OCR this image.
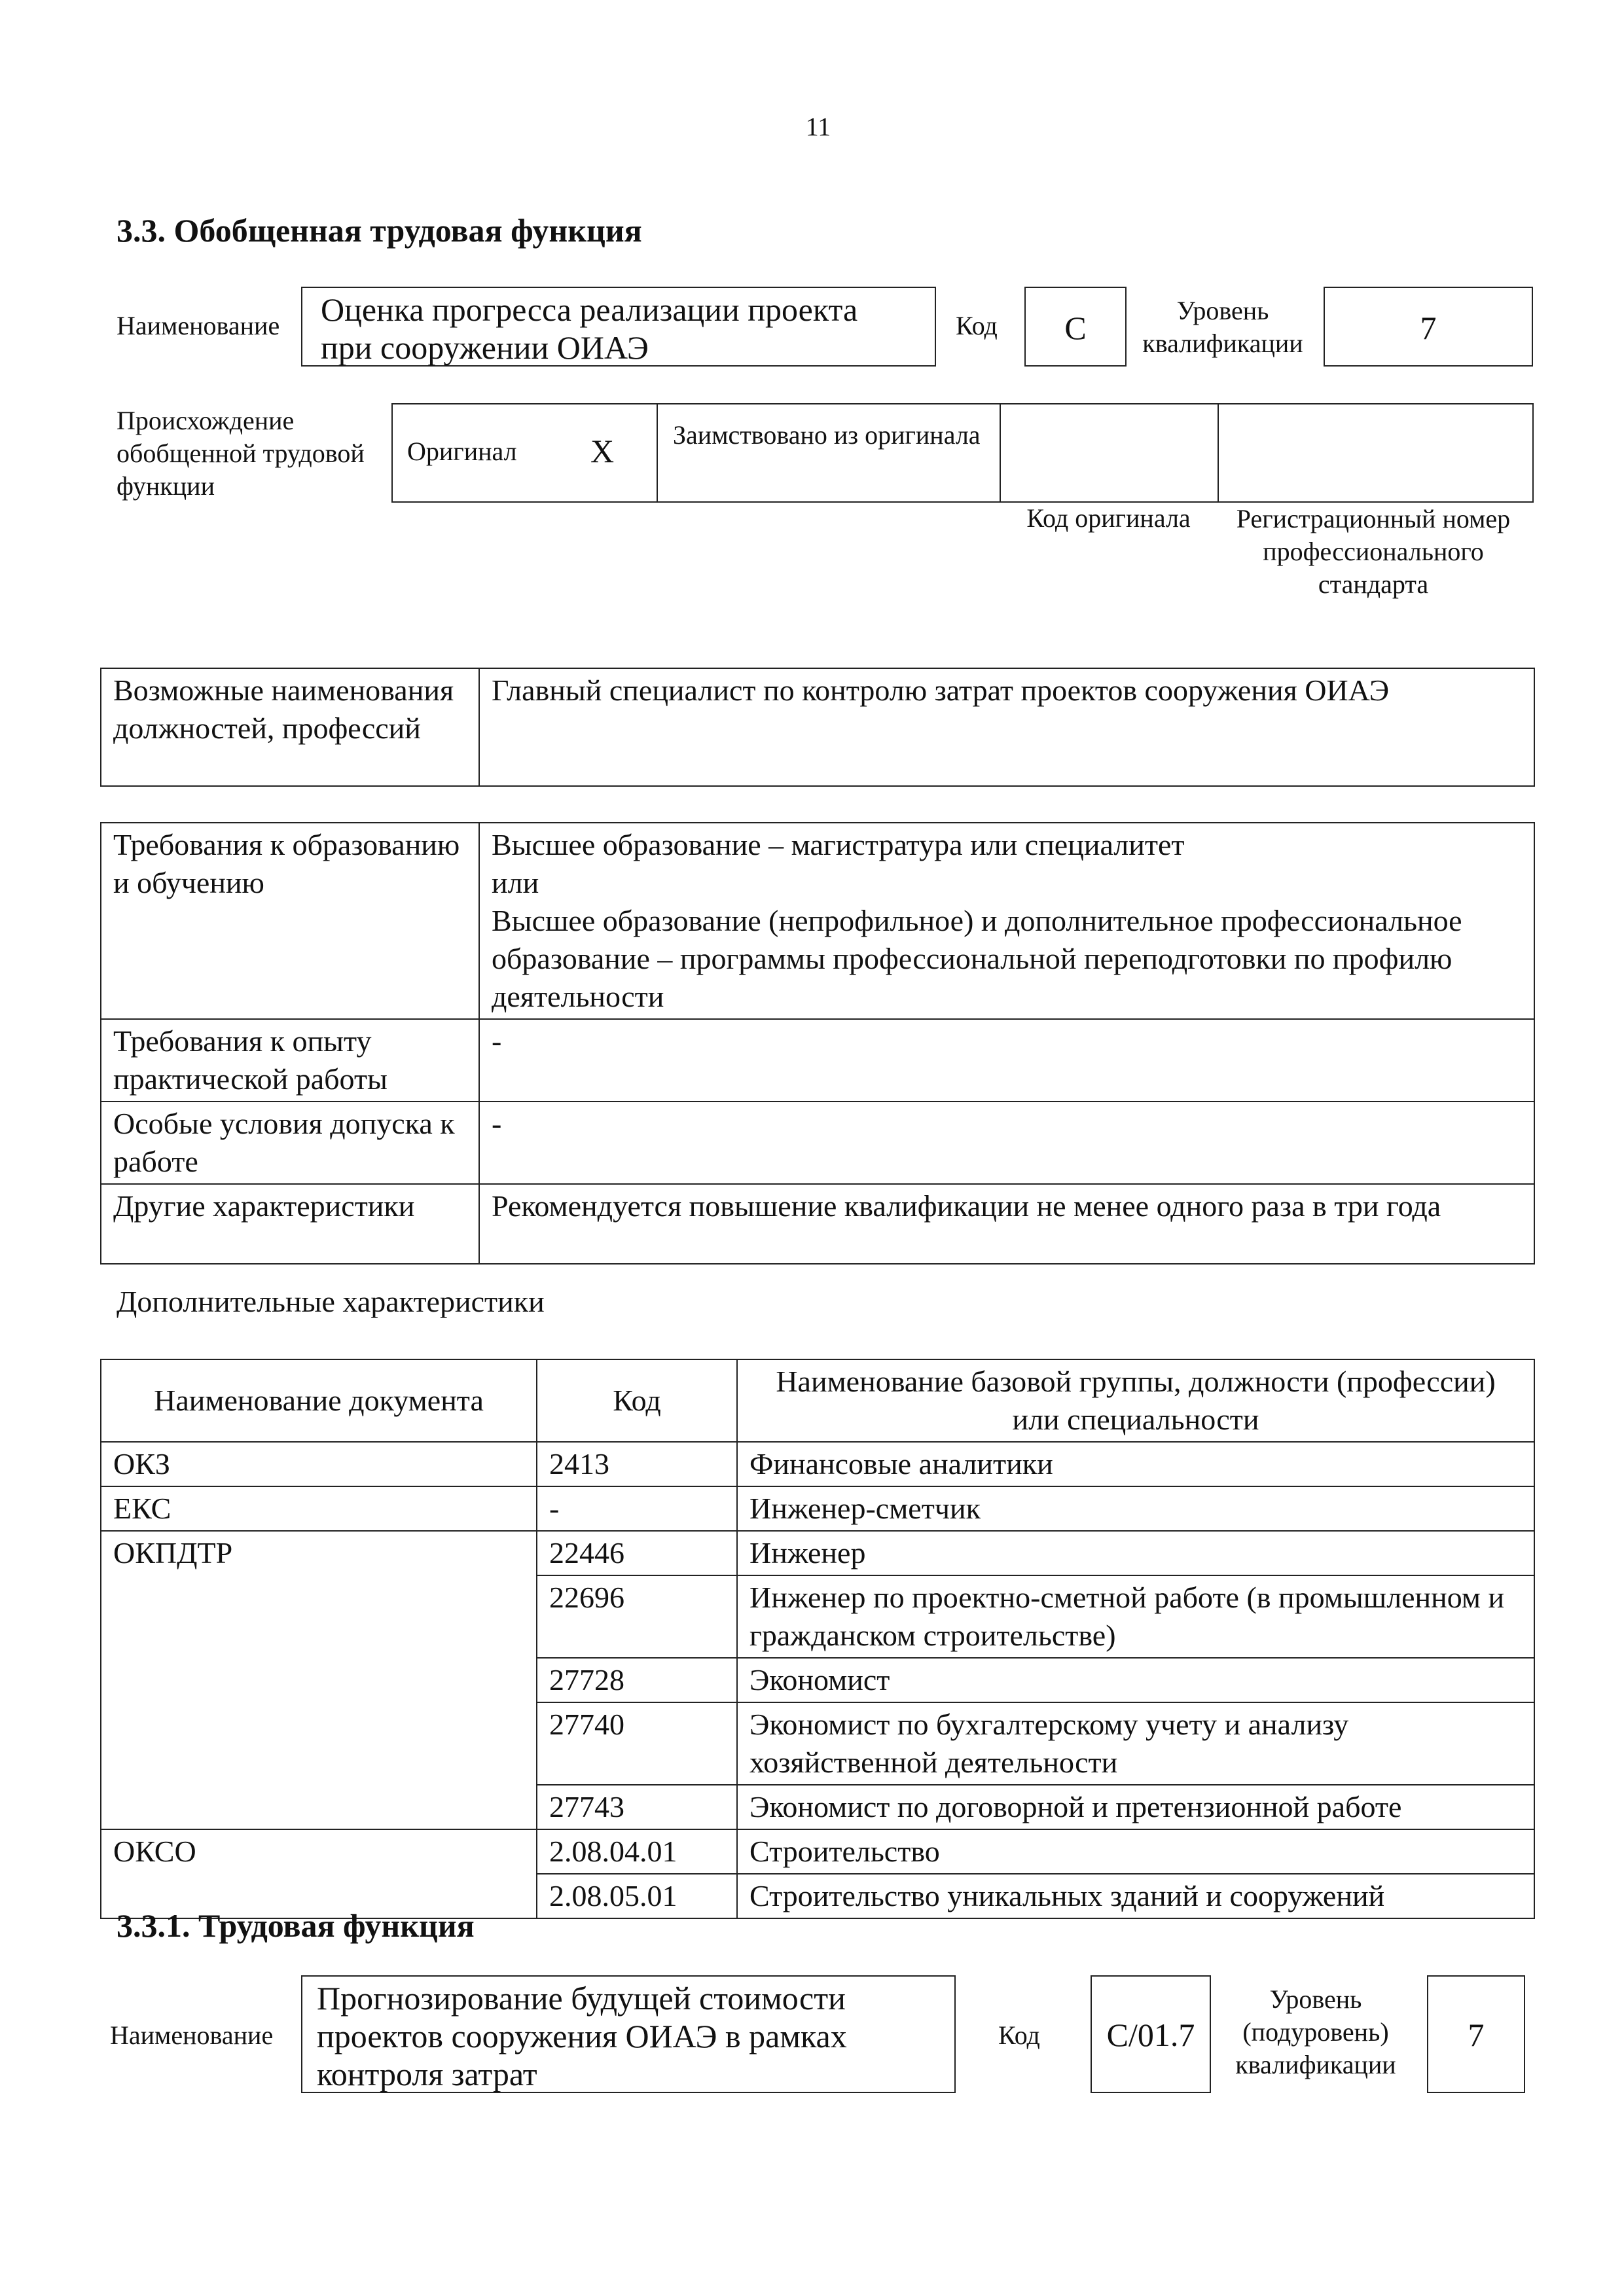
11
3.3. Обобщенная трудовая функция
Наименование	Оценка прогресса реализации проекта при сооружении ОИАЭ
Код	C	Уровень квалификации	7
Происхождение обобщенной трудовой функции
Оригинал X Заимствовано из оригинала
Код оригинала	Регистрационный номер профессионального стандарта
Возможные наименования должностей, профессий	Главный специалист по контролю затрат проектов сооружения ОИАЭ
Требования к образованию и обучению	Высшее образование – магистратура или специалитет
или
Высшее образование (непрофильное) и дополнительное профессиональное образование – программы профессиональной переподготовки по профилю деятельности
Требования к опыту практической работы	-
Особые условия допуска к работе	-
Другие характеристики	Рекомендуется повышение квалификации не менее одного раза в три года
Дополнительные характеристики
Наименование документа	Код	Наименование базовой группы, должности (профессии) или специальности
ОКЗ	2413	Финансовые аналитики
ЕКС	-	Инженер-сметчик
ОКПДТР	22446	Инженер
	22696	Инженер по проектно-сметной работе (в промышленном и гражданском строительстве)
	27728	Экономист
	27740	Экономист по бухгалтерскому учету и анализу хозяйственной деятельности
	27743	Экономист по договорной и претензионной работе
ОКСО	2.08.04.01	Строительство
	2.08.05.01	Строительство уникальных зданий и сооружений
3.3.1. Трудовая функция
Наименование
Прогнозирование будущей стоимости проектов сооружения ОИАЭ в рамках контроля затрат
Код	C/01.7
Уровень (подуровень) квалификации
7
